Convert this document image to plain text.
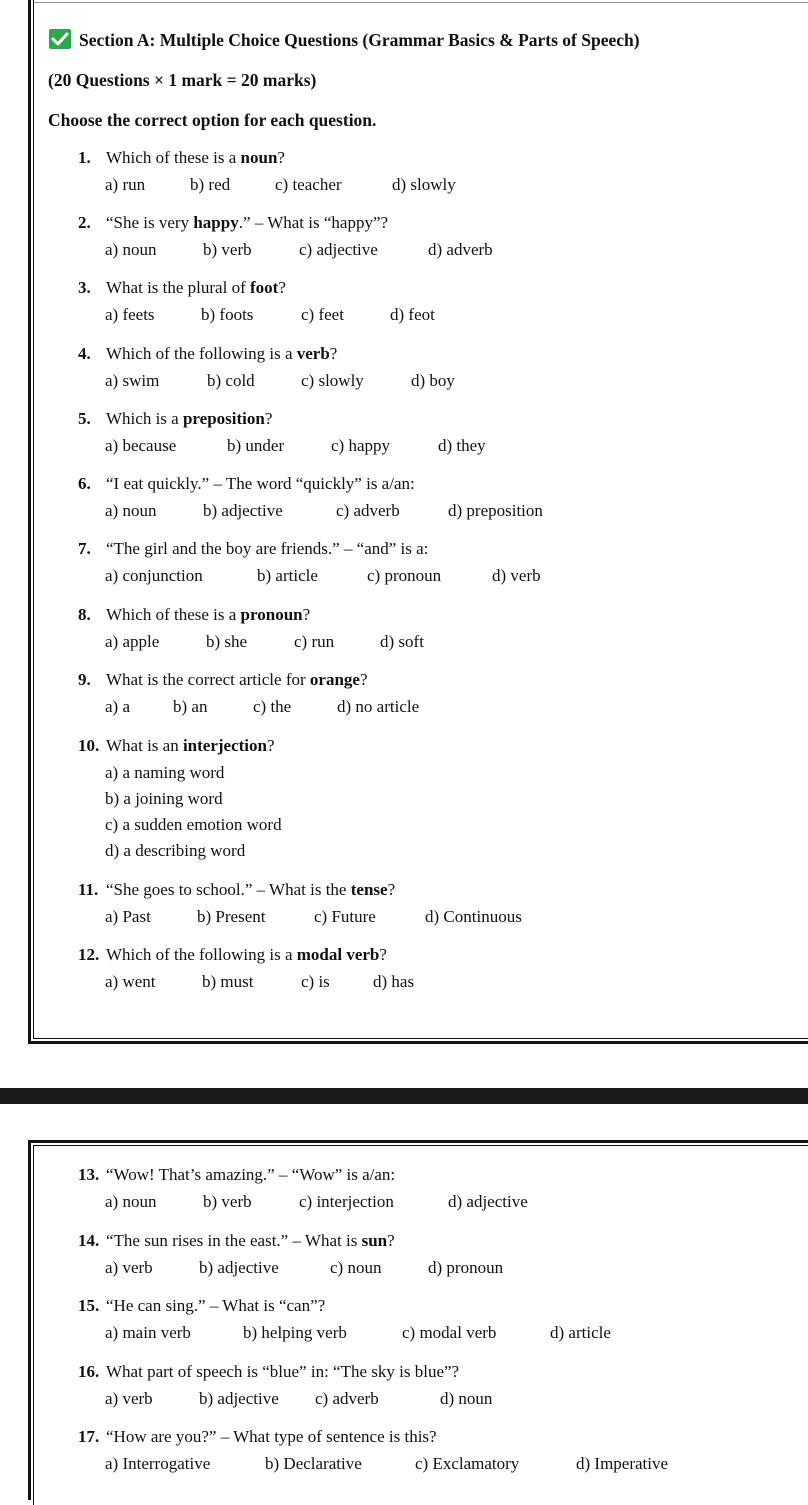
Section A: Multiple Choice Questions (Grammar Basics & Parts of Speech)
(20 Questions × 1 mark = 20 marks)
Choose the correct option for each question.
1. Which of these is a noun?
a) run	b) red	c) teacher	d) slowly
2. “She is very happy.” – What is “happy”?
a) noun	b) verb	c) adjective	d) adverb
3. What is the plural of foot?
a) feets	b) foots	c) feet	d) feot
4. Which of the following is a verb?
a) swim	b) cold	c) slowly	d) boy
5. Which is a preposition?
a) because	b) under	c) happy	d) they
6. “I eat quickly.” – The word “quickly” is a/an:
a) noun	b) adjective	c) adverb	d) preposition
7. “The girl and the boy are friends.” – “and” is a:
a) conjunction	b) article	c) pronoun	d) verb
8. Which of these is a pronoun?
a) apple	b) she	c) run	d) soft
9. What is the correct article for orange?
a) a	b) an	c) the	d) no article
10. What is an interjection?
a) a naming word
b) a joining word
c) a sudden emotion word
d) a describing word
11. “She goes to school.” – What is the tense?
a) Past	b) Present	c) Future	d) Continuous
12. Which of the following is a modal verb?
a) went	b) must	c) is	d) has
13. “Wow! That’s amazing.” – “Wow” is a/an:
a) noun	b) verb	c) interjection	d) adjective
14. “The sun rises in the east.” – What is sun?
a) verb	b) adjective	c) noun	d) pronoun
15. “He can sing.” – What is “can”?
a) main verb	b) helping verb	c) modal verb	d) article
16. What part of speech is “blue” in: “The sky is blue”?
a) verb	b) adjective c) adverb	d) noun
17. “How are you?” – What type of sentence is this?
a) Interrogative	b) Declarative	c) Exclamatory	d) Imperative
